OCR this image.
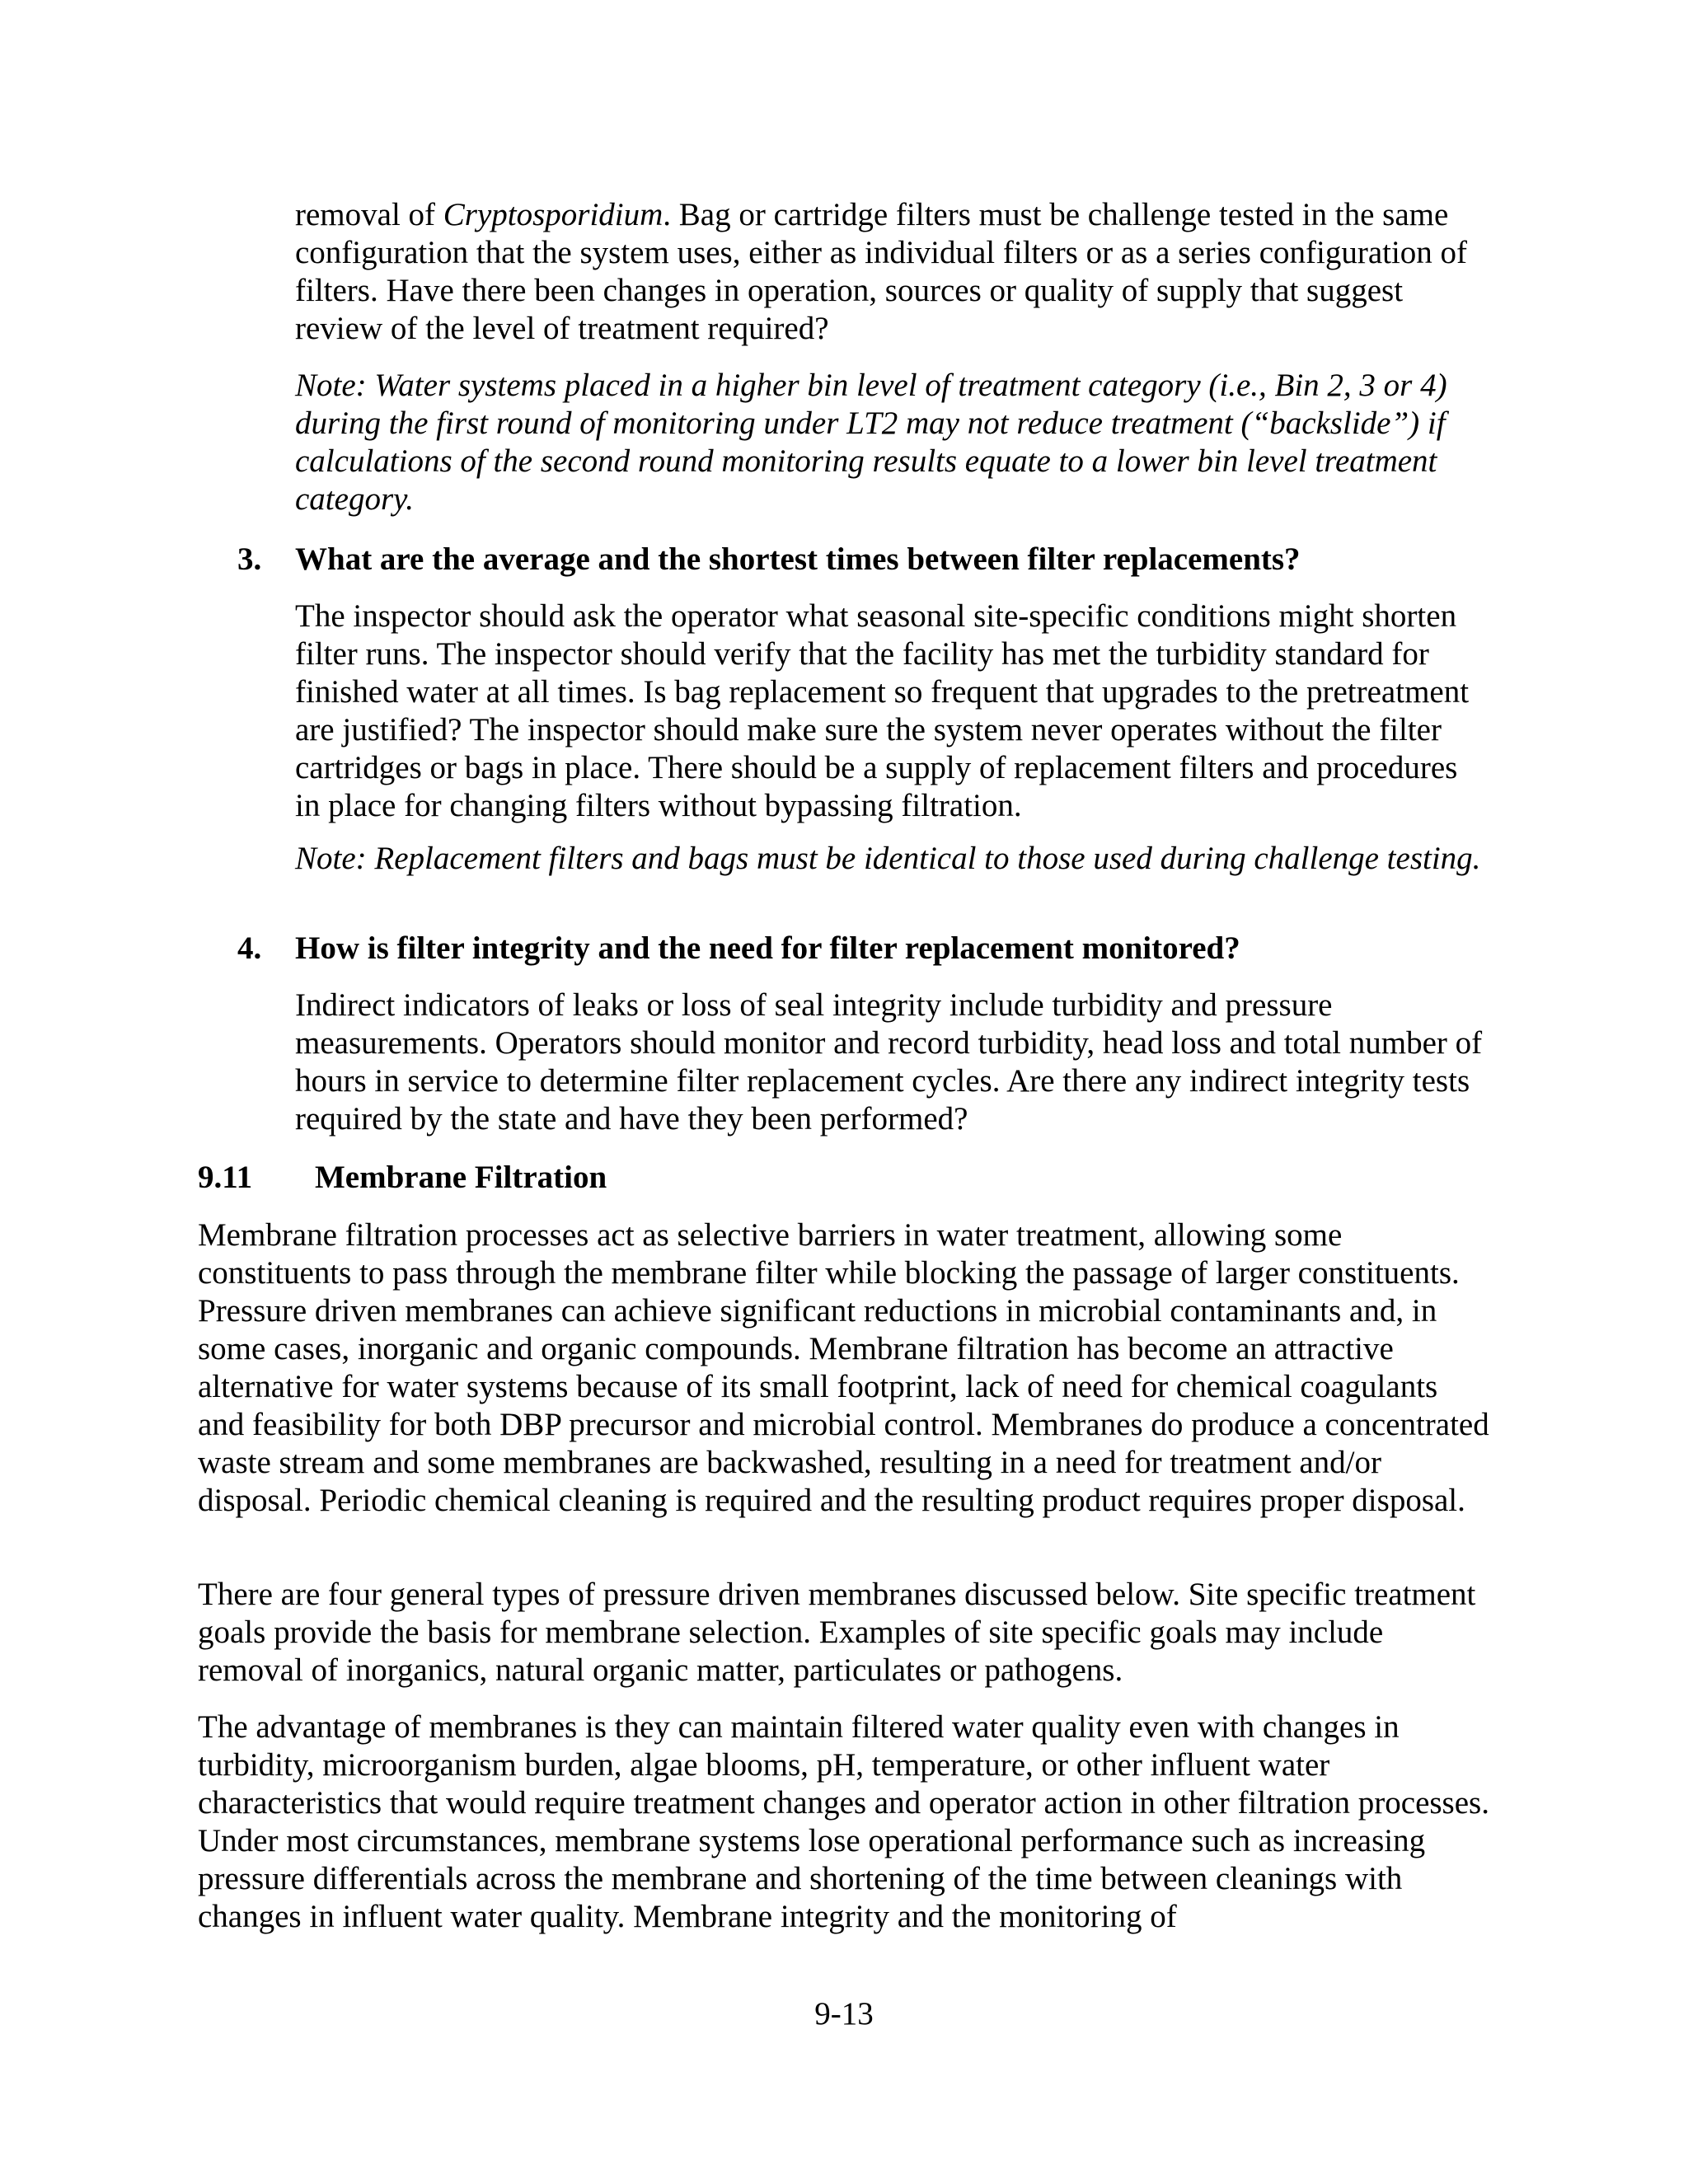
removal of Cryptosporidium. Bag or cartridge filters must be challenge tested in the same configuration that the system uses, either as individual filters or as a series configuration of filters. Have there been changes in operation, sources or quality of supply that suggest review of the level of treatment required?

Note: Water systems placed in a higher bin level of treatment category (i.e., Bin 2, 3 or 4) during the first round of monitoring under LT2 may not reduce treatment (“backslide”) if calculations of the second round monitoring results equate to a lower bin level treatment category.

3. What are the average and the shortest times between filter replacements?

The inspector should ask the operator what seasonal site-specific conditions might shorten filter runs. The inspector should verify that the facility has met the turbidity standard for finished water at all times. Is bag replacement so frequent that upgrades to the pretreatment are justified? The inspector should make sure the system never operates without the filter cartridges or bags in place. There should be a supply of replacement filters and procedures in place for changing filters without bypassing filtration.

Note: Replacement filters and bags must be identical to those used during challenge testing.

4. How is filter integrity and the need for filter replacement monitored?

Indirect indicators of leaks or loss of seal integrity include turbidity and pressure measurements. Operators should monitor and record turbidity, head loss and total number of hours in service to determine filter replacement cycles. Are there any indirect integrity tests required by the state and have they been performed?

9.11 Membrane Filtration

Membrane filtration processes act as selective barriers in water treatment, allowing some constituents to pass through the membrane filter while blocking the passage of larger constituents. Pressure driven membranes can achieve significant reductions in microbial contaminants and, in some cases, inorganic and organic compounds. Membrane filtration has become an attractive alternative for water systems because of its small footprint, lack of need for chemical coagulants and feasibility for both DBP precursor and microbial control. Membranes do produce a concentrated waste stream and some membranes are backwashed, resulting in a need for treatment and/or disposal. Periodic chemical cleaning is required and the resulting product requires proper disposal.

There are four general types of pressure driven membranes discussed below. Site specific treatment goals provide the basis for membrane selection. Examples of site specific goals may include removal of inorganics, natural organic matter, particulates or pathogens.

The advantage of membranes is they can maintain filtered water quality even with changes in turbidity, microorganism burden, algae blooms, pH, temperature, or other influent water characteristics that would require treatment changes and operator action in other filtration processes. Under most circumstances, membrane systems lose operational performance such as increasing pressure differentials across the membrane and shortening of the time between cleanings with changes in influent water quality. Membrane integrity and the monitoring of

9-13
